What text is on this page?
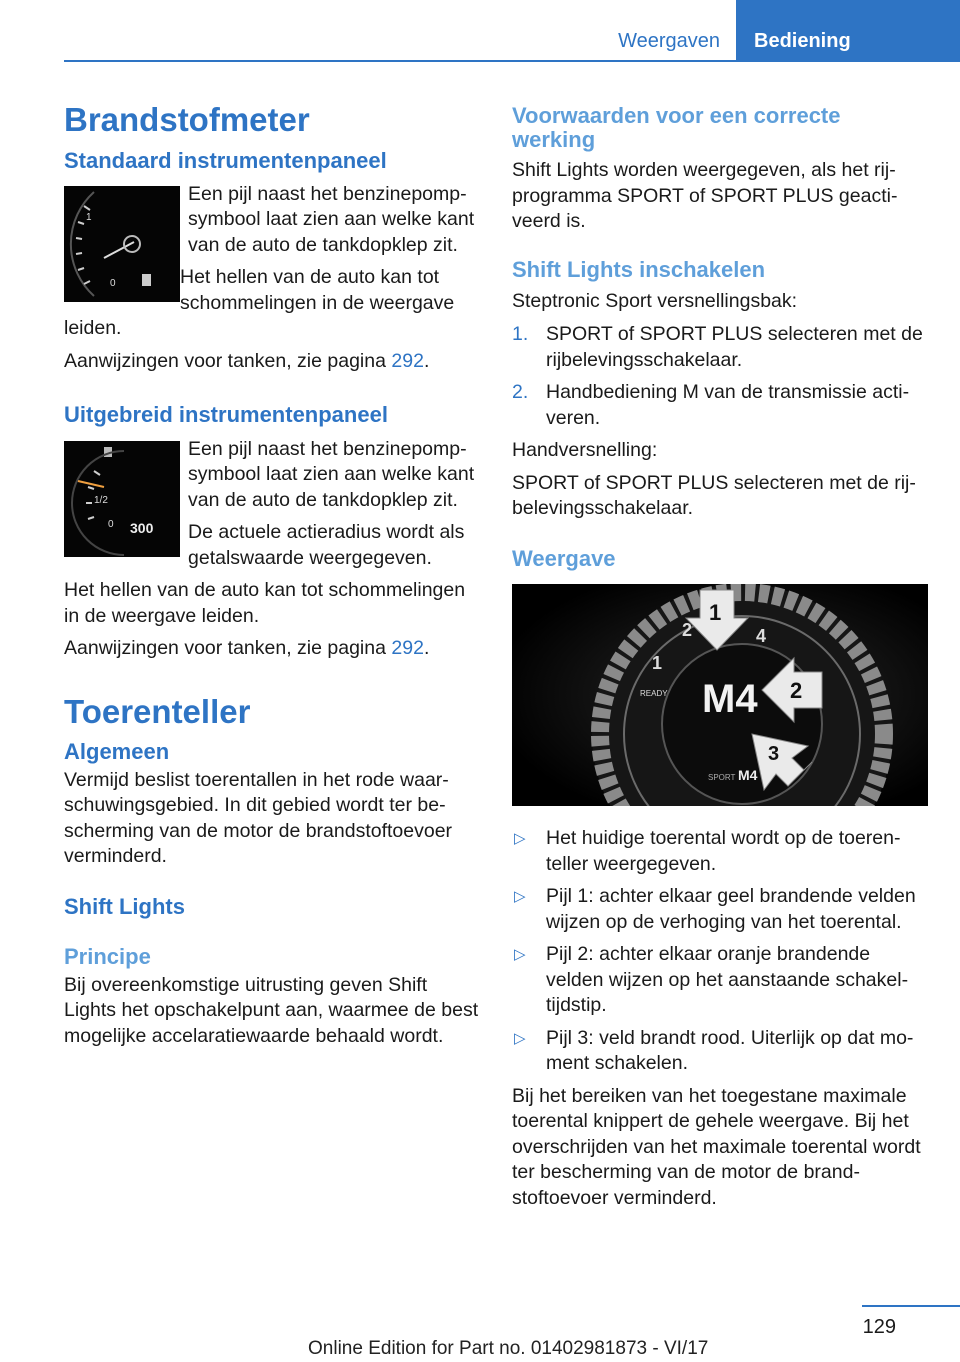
Weergaven	Bediening
Brandstofmeter
Standaard instrumentenpaneel
1
0

Een pijl naast het benzinepompsymbool laat zien aan welke kant van de auto de tankdopklep zit.

Het hellen van de auto kan tot schommelingen in de weergave leiden.

Aanwijzingen voor tanken, zie pagina 292.

Uitgebreid instrumentenpaneel
1/2
0 300

Een pijl naast het benzinepompsymbool laat zien aan welke kant van de auto de tankdopklep zit.

De actuele actieradius wordt als getalswaarde weergegeven.

Het hellen van de auto kan tot schommelingen in de weergave leiden.

Aanwijzingen voor tanken, zie pagina 292.

Toerenteller
Algemeen

Vermijd beslist toerentallen in het rode waarschuwingsgebied. In dit gebied wordt ter bescherming van de motor de brandstoftoevoer verminderd.

Shift Lights
Principe

Bij overeenkomstige uitrusting geven Shift Lights het opschakelpunt aan, waarmee de best mogelijke accelaratiewaarde behaald wordt.

Voorwaarden voor een correcte werking

Shift Lights worden weergegeven, als het rijprogramma SPORT of SPORT PLUS geactiveerd is.

Shift Lights inschakelen

Steptronic Sport versnellingsbak:

1. SPORT of SPORT PLUS selecteren met de rijbelevingsschakelaar.
2. Handbediening M van de transmissie activeren.

Handversnelling:

SPORT of SPORT PLUS selecteren met de rijbelevingsschakelaar.

Weergave
M4
READY
SPORT M4
1
2	4
1
2
3
▷ Het huidige toerental wordt op de toerenteller weergegeven.
▷ Pijl 1: achter elkaar geel brandende velden wijzen op de verhoging van het toerental.
▷ Pijl 2: achter elkaar oranje brandende velden wijzen op het aanstaande schakeltijdstip.
▷ Pijl 3: veld brandt rood. Uiterlijk op dat moment schakelen.

Bij het bereiken van het toegestane maximale toerental knippert de gehele weergave. Bij het overschrijden van het maximale toerental wordt ter bescherming van de motor de brandstoftoevoer verminderd.

129
Online Edition for Part no. 01402981873 - VI/17
